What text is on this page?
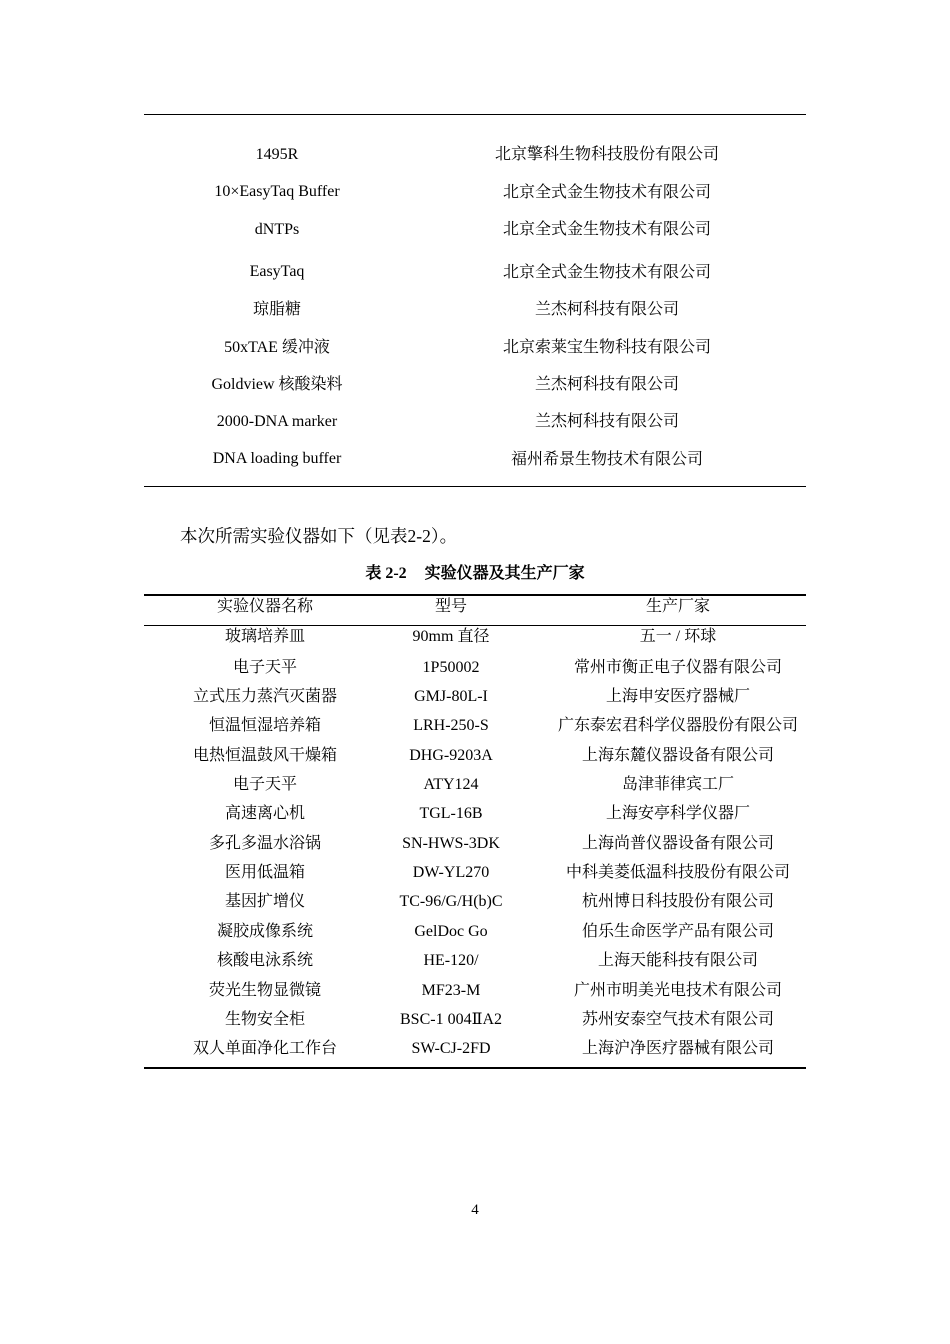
1495R	北京擎科生物科技股份有限公司
10×EasyTaq Buffer	北京全式金生物技术有限公司
dNTPs	北京全式金生物技术有限公司
EasyTaq	北京全式金生物技术有限公司
琼脂糖	兰杰柯科技有限公司
50xTAE 缓冲液	北京索莱宝生物科技有限公司
Goldview 核酸染料	兰杰柯科技有限公司
2000-DNA marker	兰杰柯科技有限公司
DNA loading buffer	福州希景生物技术有限公司
本次所需实验仪器如下（见表2-2）。
表 2-2 实验仪器及其生产厂家
实验仪器名称	型号	生产厂家
玻璃培养皿	90mm 直径	五一 / 环球
电子天平	1P50002	常州市衡正电子仪器有限公司
立式压力蒸汽灭菌器	GMJ-80L-I	上海申安医疗器械厂
恒温恒湿培养箱	LRH-250-S	广东泰宏君科学仪器股份有限公司
电热恒温鼓风干燥箱	DHG-9203A	上海东麓仪器设备有限公司
电子天平	ATY124	岛津菲律宾工厂
高速离心机	TGL-16B	上海安亭科学仪器厂
多孔多温水浴锅	SN-HWS-3DK	上海尚普仪器设备有限公司
医用低温箱	DW-YL270	中科美菱低温科技股份有限公司
基因扩增仪	TC-96/G/H(b)C	杭州博日科技股份有限公司
凝胶成像系统	GelDoc Go	伯乐生命医学产品有限公司
核酸电泳系统	HE-120/	上海天能科技有限公司
荧光生物显微镜	MF23-M	广州市明美光电技术有限公司
生物安全柜	BSC-1 004ⅡA2	苏州安泰空气技术有限公司
双人单面净化工作台	SW-CJ-2FD	上海沪净医疗器械有限公司
4
